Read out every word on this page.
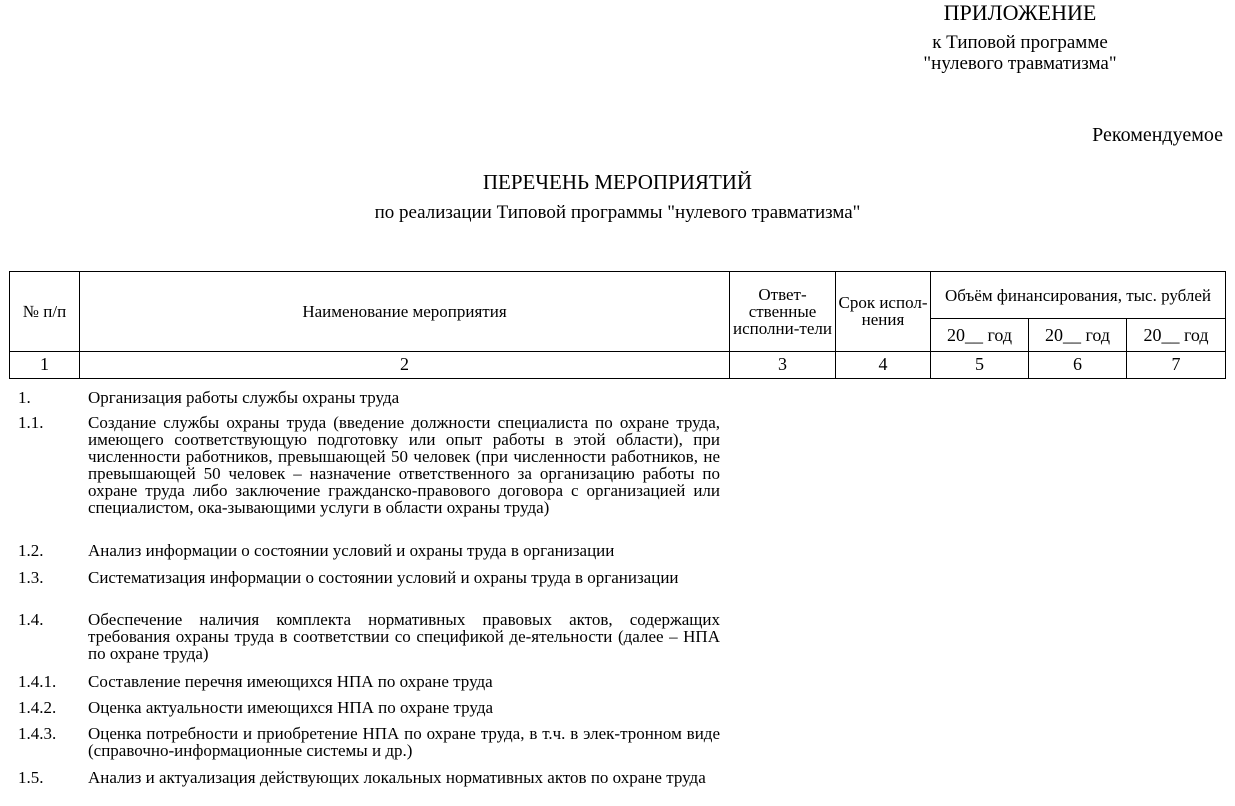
ПРИЛОЖЕНИЕ
к Типовой программе
"нулевого травматизма"
Рекомендуемое
ПЕРЕЧЕНЬ МЕРОПРИЯТИЙ
по реализации Типовой программы "нулевого травматизма"
№ п/п	Наименование мероприятия	Ответ-ственные исполни-тели	Срок испол-нения	Объём финансирования, тыс. рублей		
				20__ год	20__ год	20__ год
1	2	3	4	5	6	7
1.	Организация работы службы охраны труда
1.1.	Создание службы охраны труда (введение должности специалиста по охране труда, имеющего соответствующую подготовку или опыт работы в этой области), при численности работников, превышающей 50 человек (при численности работников, не превышающей 50 человек – назначение ответственного за организацию работы по охране труда либо заключение гражданско-правового договора с организацией или специалистом, ока-зывающими услуги в области охраны труда)
1.2.	Анализ информации о состоянии условий и охраны труда в организации
1.3.	Систематизация информации о состоянии условий и охраны труда в организации
1.4.	Обеспечение наличия комплекта нормативных правовых актов, содержащих требования охраны труда в соответствии со спецификой де-ятельности (далее – НПА по охране труда)
1.4.1.	Составление перечня имеющихся НПА по охране труда
1.4.2.	Оценка актуальности имеющихся НПА по охране труда
1.4.3.	Оценка потребности и приобретение НПА по охране труда, в т.ч. в элек-тронном виде (справочно-информационные системы и др.)
1.5.	Анализ и актуализация действующих локальных нормативных актов по охране труда
